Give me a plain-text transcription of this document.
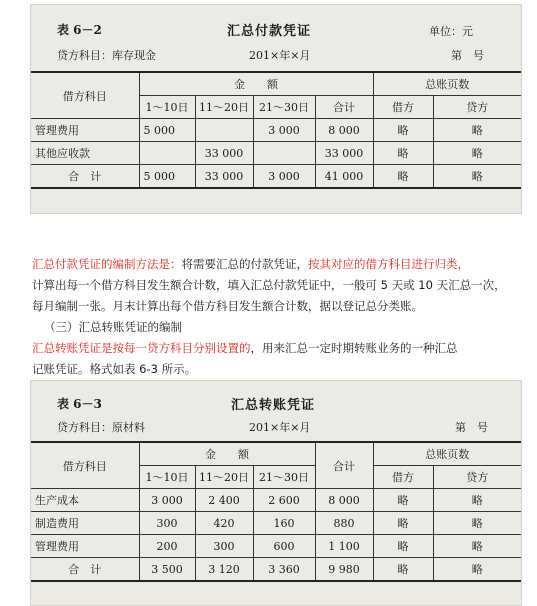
表 6－2	汇总付款凭证	单位：元
贷方科目：库存现金	201×年×月	第　号
借方科目	金　　额				总账页数	
	1～10日	11～20日	21～30日	合计	借方	贷方
管理费用	5 000		3 000	8 000	略	略
其他应收款		33 000		33 000	略	略
合　计	5 000	33 000	3 000	41 000	略	略
汇总付款凭证的编制方法是：将需要汇总的付款凭证，按其对应的借方科目进行归类，
计算出每一个借方科目发生额合计数，填入汇总付款凭证中，一般可 5 天或 10 天汇总一次，
每月编制一张。月末计算出每个借方科目发生额合计数，据以登记总分类账。
（三）汇总转账凭证的编制
汇总转账凭证是按每一贷方科目分别设置的，用来汇总一定时期转账业务的一种汇总
记账凭证。格式如表 6-3 所示。
表 6－3	汇总转账凭证
贷方科目：原材料	201×年×月	第　号
借方科目	金　　额			合计	总账页数	
	1～10日	11～20日	21～30日		借方	贷方
生产成本	3 000	2 400	2 600	8 000	略	略
制造费用	300	420	160	880	略	略
管理费用	200	300	600	1 100	略	略
合　计	3 500	3 120	3 360	9 980	略	略
